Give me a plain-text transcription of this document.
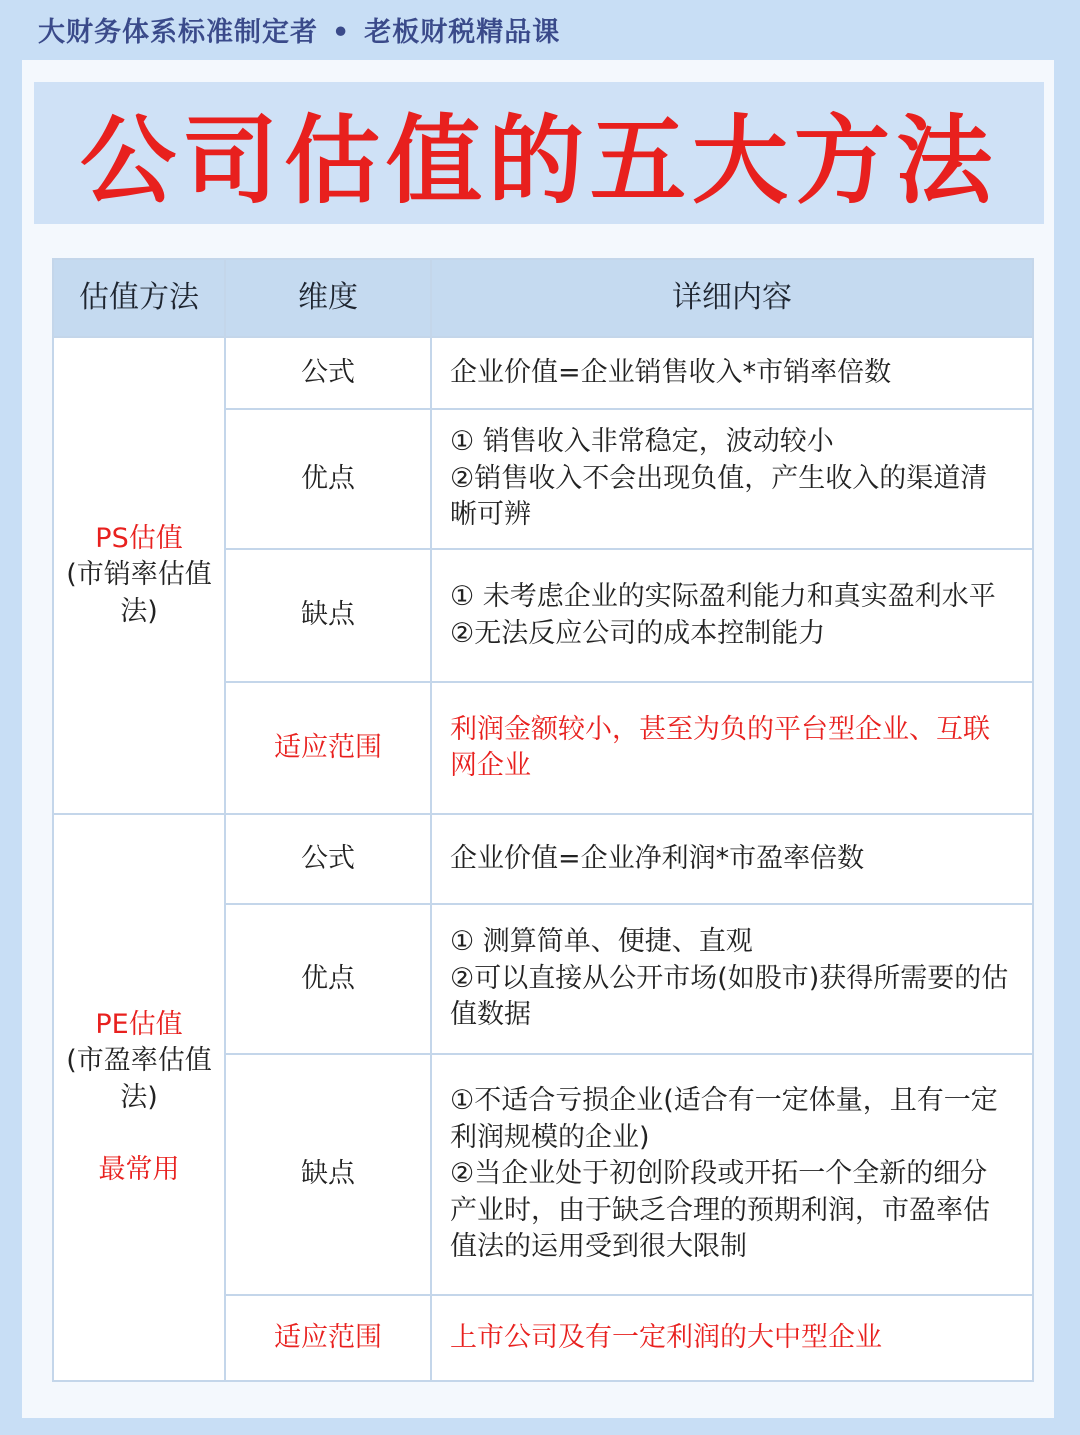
大财务体系标准制定者 • 老板财税精品课
公司估值的五大方法
估值方法	维度	详细内容

PS估值
(市销率估值法)	公式	企业价值=企业销售收入*市销率倍数

	优点	① 销售收入非常稳定，波动较小
②销售收入不会出现负值，产生收入的渠道清晰可辨

	缺点	① 未考虑企业的实际盈利能力和真实盈利水平
②无法反应公司的成本控制能力

	适应范围	利润金额较小，甚至为负的平台型企业、互联网企业

PE估值
(市盈率估值法)
最常用	公式	企业价值=企业净利润*市盈率倍数

	优点	① 测算简单、便捷、直观
②可以直接从公开市场(如股市)获得所需要的估值数据

	缺点	①不适合亏损企业(适合有一定体量，且有一定利润规模的企业)
②当企业处于初创阶段或开拓一个全新的细分产业时，由于缺乏合理的预期利润，市盈率估值法的运用受到很大限制

	适应范围	上市公司及有一定利润的大中型企业
